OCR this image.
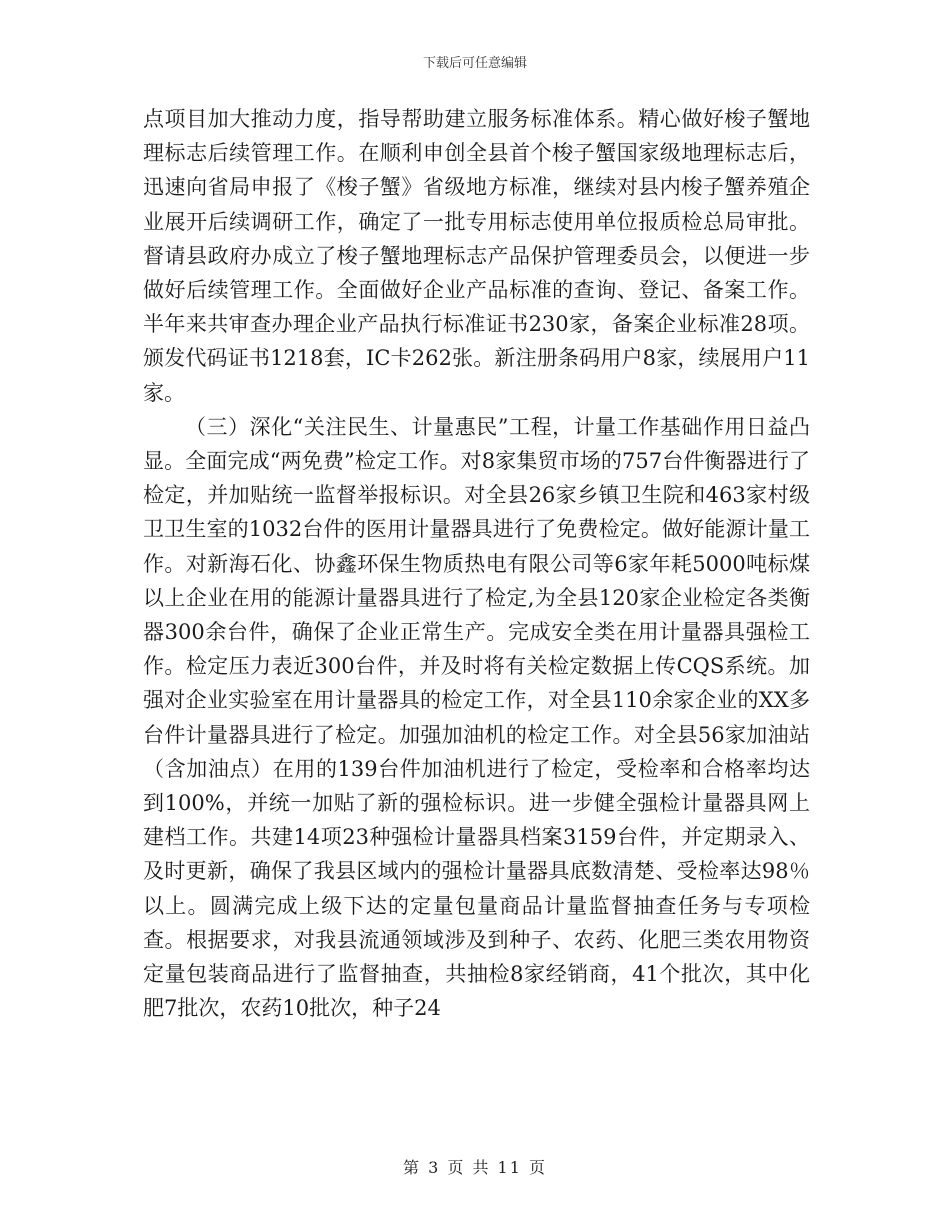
下载后可任意编辑

点项目加大推动力度，指导帮助建立服务标准体系。精心做好梭子蟹地理标志后续管理工作。在顺利申创全县首个梭子蟹国家级地理标志后，迅速向省局申报了《梭子蟹》省级地方标准，继续对县内梭子蟹养殖企业展开后续调研工作，确定了一批专用标志使用单位报质检总局审批。督请县政府办成立了梭子蟹地理标志产品保护管理委员会，以便进一步做好后续管理工作。全面做好企业产品标准的查询、登记、备案工作。半年来共审查办理企业产品执行标准证书230家，备案企业标准28项。颁发代码证书1218套，IC卡262张。新注册条码用户8家，续展用户11家。

（三）深化“关注民生、计量惠民”工程，计量工作基础作用日益凸显。全面完成“两免费”检定工作。对8家集贸市场的757台件衡器进行了检定，并加贴统一监督举报标识。对全县26家乡镇卫生院和463家村级卫卫生室的1032台件的医用计量器具进行了免费检定。做好能源计量工作。对新海石化、协鑫环保生物质热电有限公司等6家年耗5000吨标煤以上企业在用的能源计量器具进行了检定,为全县120家企业检定各类衡器300余台件，确保了企业正常生产。完成安全类在用计量器具强检工作。检定压力表近300台件，并及时将有关检定数据上传CQS系统。加强对企业实验室在用计量器具的检定工作，对全县110余家企业的XX多台件计量器具进行了检定。加强加油机的检定工作。对全县56家加油站（含加油点）在用的139台件加油机进行了检定，受检率和合格率均达到100%，并统一加贴了新的强检标识。进一步健全强检计量器具网上建档工作。共建14项23种强检计量器具档案3159台件，并定期录入、及时更新，确保了我县区域内的强检计量器具底数清楚、受检率达98％以上。圆满完成上级下达的定量包量商品计量监督抽查任务与专项检查。根据要求，对我县流通领域涉及到种子、农药、化肥三类农用物资定量包装商品进行了监督抽查，共抽检8家经销商，41个批次，其中化肥7批次，农药10批次，种子24

第 3 页 共 11 页
